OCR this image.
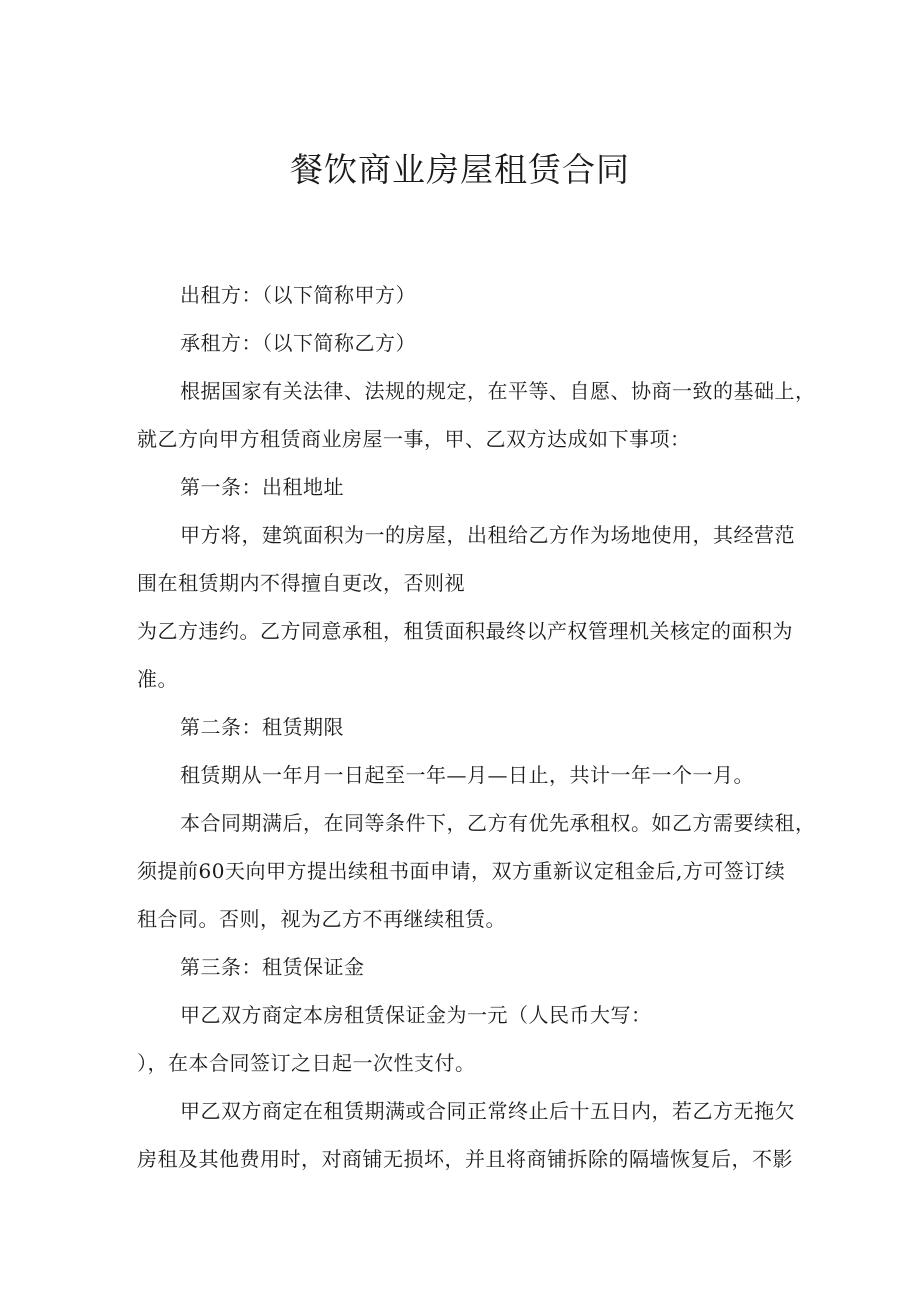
餐饮商业房屋租赁合同
出租方：（以下简称甲方）
承租方：（以下简称乙方）
根据国家有关法律、法规的规定，在平等、自愿、协商一致的基础上，
就乙方向甲方租赁商业房屋一事，甲、乙双方达成如下事项：
第一条：出租地址
甲方将，建筑面积为一的房屋，出租给乙方作为场地使用，其经营范
围在租赁期内不得擅自更改，否则视
为乙方违约。乙方同意承租，租赁面积最终以产权管理机关核定的面积为
准。
第二条：租赁期限
租赁期从一年月一日起至一年—月—日止，共计一年一个一月。
本合同期满后，在同等条件下，乙方有优先承租权。如乙方需要续租，
须提前60天向甲方提出续租书面申请，双方重新议定租金后,方可签订续
租合同。否则，视为乙方不再继续租赁。
第三条：租赁保证金
甲乙双方商定本房租赁保证金为一元（人民币大写：
），在本合同签订之日起一次性支付。
甲乙双方商定在租赁期满或合同正常终止后十五日内，若乙方无拖欠
房租及其他费用时，对商铺无损坏，并且将商铺拆除的隔墙恢复后，不影
